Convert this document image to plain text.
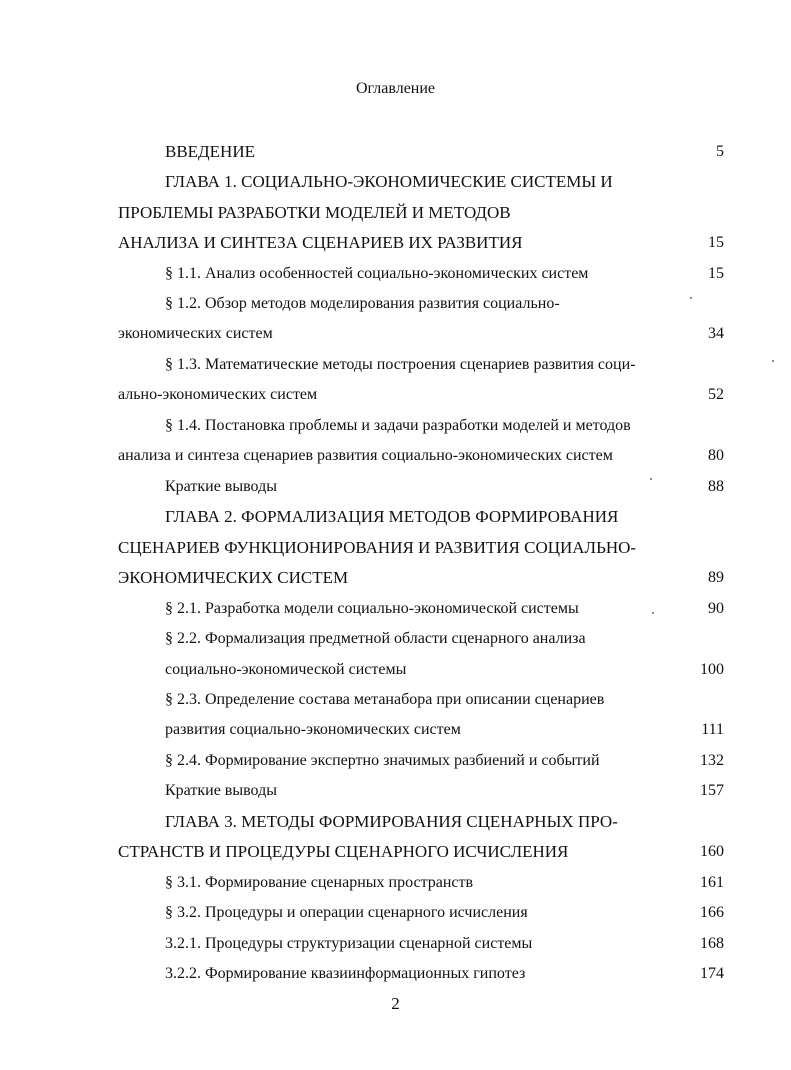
Оглавление
ВВЕДЕНИЕ	5
ГЛАВА 1. СОЦИАЛЬНО-ЭКОНОМИЧЕСКИЕ СИСТЕМЫ И
ПРОБЛЕМЫ РАЗРАБОТКИ МОДЕЛЕЙ И МЕТОДОВ
АНАЛИЗА И СИНТЕЗА СЦЕНАРИЕВ ИХ РАЗВИТИЯ	15
§ 1.1. Анализ особенностей социально-экономических систем	15
§ 1.2. Обзор методов моделирования развития социально-
экономических систем	34
§ 1.3. Математические методы построения сценариев развития соци-
ально-экономических систем	52
§ 1.4. Постановка проблемы и задачи разработки моделей и методов
анализа и синтеза сценариев развития социально-экономических систем	80
Краткие выводы	88
ГЛАВА 2. ФОРМАЛИЗАЦИЯ МЕТОДОВ ФОРМИРОВАНИЯ
СЦЕНАРИЕВ ФУНКЦИОНИРОВАНИЯ И РАЗВИТИЯ СОЦИАЛЬНО-
ЭКОНОМИЧЕСКИХ СИСТЕМ	89
§ 2.1. Разработка модели социально-экономической системы	90
§ 2.2. Формализация предметной области сценарного анализа
социально-экономической системы	100
§ 2.3. Определение состава метанабора при описании сценариев
развития социально-экономических систем	111
§ 2.4. Формирование экспертно значимых разбиений и событий	132
Краткие выводы	157
ГЛАВА 3. МЕТОДЫ ФОРМИРОВАНИЯ СЦЕНАРНЫХ ПРО-
СТРАНСТВ И ПРОЦЕДУРЫ СЦЕНАРНОГО ИСЧИСЛЕНИЯ	160
§ 3.1. Формирование сценарных пространств	161
§ 3.2. Процедуры и операции сценарного исчисления	166
3.2.1. Процедуры структуризации сценарной системы	168
3.2.2. Формирование квазиинформационных гипотез	174
2
